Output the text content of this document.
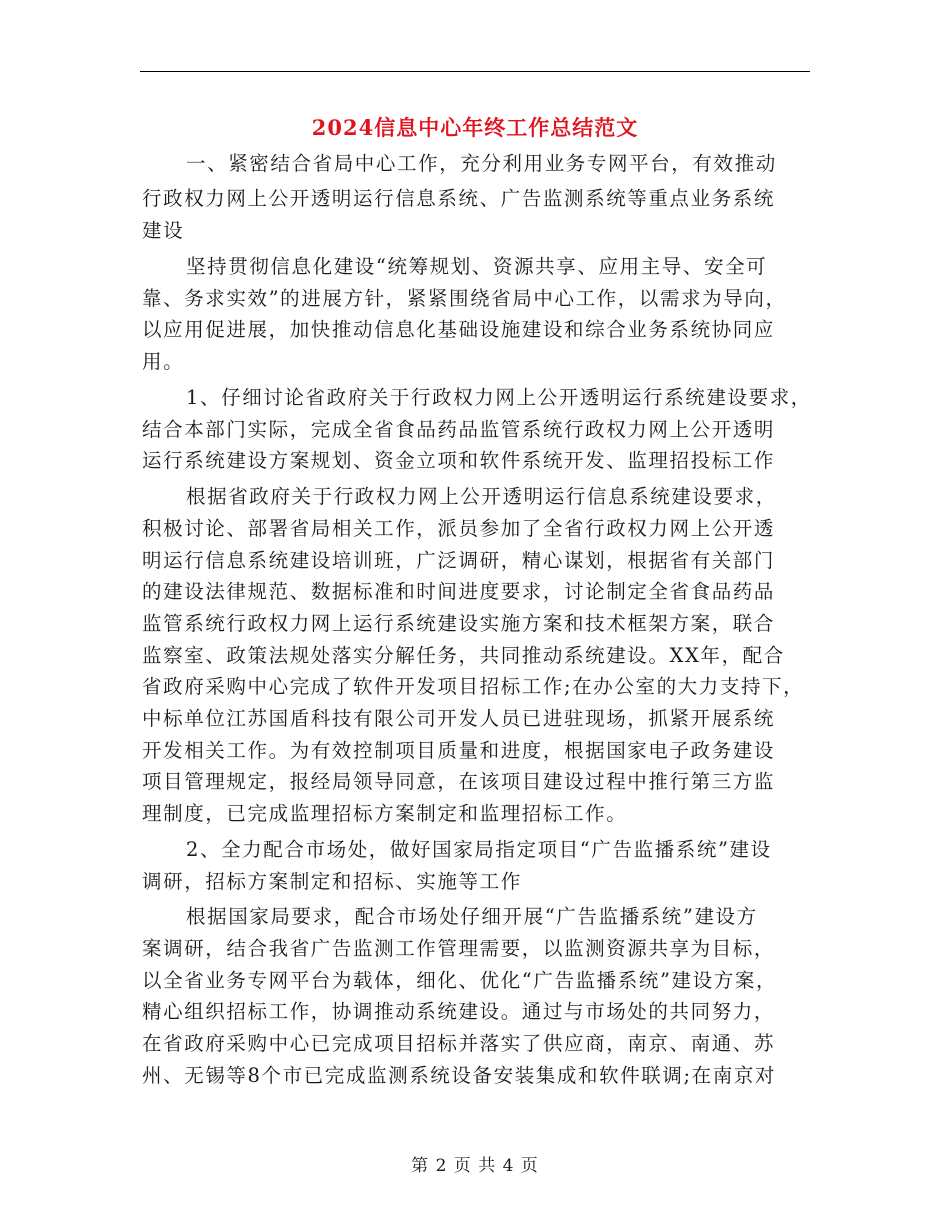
2024信息中心年终工作总结范文
一、紧密结合省局中心工作，充分利用业务专网平台，有效推动
行政权力网上公开透明运行信息系统、广告监测系统等重点业务系统
建设
坚持贯彻信息化建设“统筹规划、资源共享、应用主导、安全可
靠、务求实效”的进展方针，紧紧围绕省局中心工作，以需求为导向，
以应用促进展，加快推动信息化基础设施建设和综合业务系统协同应
用。
1、仔细讨论省政府关于行政权力网上公开透明运行系统建设要求，
结合本部门实际，完成全省食品药品监管系统行政权力网上公开透明
运行系统建设方案规划、资金立项和软件系统开发、监理招投标工作
根据省政府关于行政权力网上公开透明运行信息系统建设要求，
积极讨论、部署省局相关工作，派员参加了全省行政权力网上公开透
明运行信息系统建设培训班，广泛调研，精心谋划，根据省有关部门
的建设法律规范、数据标准和时间进度要求，讨论制定全省食品药品
监管系统行政权力网上运行系统建设实施方案和技术框架方案，联合
监察室、政策法规处落实分解任务，共同推动系统建设。XX年，配合
省政府采购中心完成了软件开发项目招标工作;在办公室的大力支持下，
中标单位江苏国盾科技有限公司开发人员已进驻现场，抓紧开展系统
开发相关工作。为有效控制项目质量和进度，根据国家电子政务建设
项目管理规定，报经局领导同意，在该项目建设过程中推行第三方监
理制度，已完成监理招标方案制定和监理招标工作。
2、全力配合市场处，做好国家局指定项目“广告监播系统”建设
调研，招标方案制定和招标、实施等工作
根据国家局要求，配合市场处仔细开展“广告监播系统”建设方
案调研，结合我省广告监测工作管理需要，以监测资源共享为目标，
以全省业务专网平台为载体，细化、优化“广告监播系统”建设方案，
精心组织招标工作，协调推动系统建设。通过与市场处的共同努力，
在省政府采购中心已完成项目招标并落实了供应商，南京、南通、苏
州、无锡等8个市已完成监测系统设备安装集成和软件联调;在南京对
第 2 页 共 4 页
